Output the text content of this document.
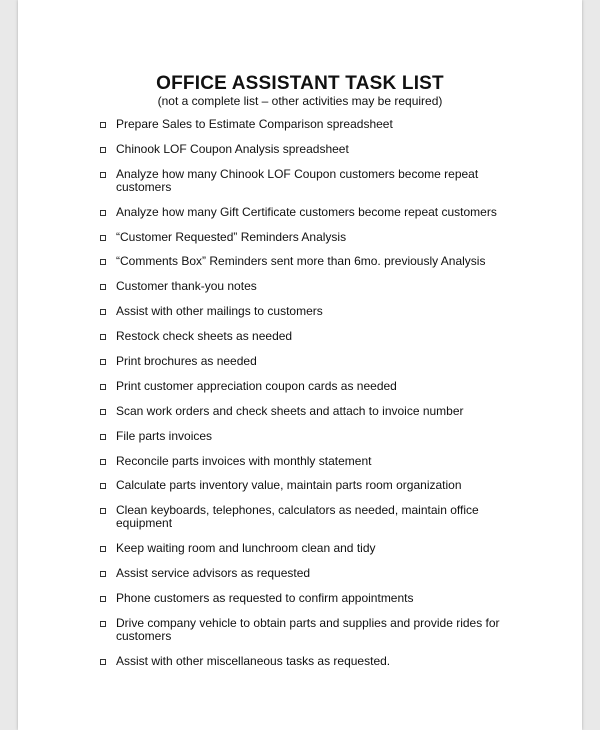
OFFICE ASSISTANT TASK LIST

(not a complete list – other activities may be required)

Prepare Sales to Estimate Comparison spreadsheet
Chinook LOF Coupon Analysis spreadsheet
Analyze how many Chinook LOF Coupon customers become repeat customers
Analyze how many Gift Certificate customers become repeat customers
“Customer Requested” Reminders Analysis
“Comments Box” Reminders sent more than 6mo. previously Analysis
Customer thank-you notes
Assist with other mailings to customers
Restock check sheets as needed
Print brochures as needed
Print customer appreciation coupon cards as needed
Scan work orders and check sheets and attach to invoice number
File parts invoices
Reconcile parts invoices with monthly statement
Calculate parts inventory value, maintain parts room organization
Clean keyboards, telephones, calculators as needed, maintain office equipment
Keep waiting room and lunchroom clean and tidy
Assist service advisors as requested
Phone customers as requested to confirm appointments
Drive company vehicle to obtain parts and supplies and provide rides for customers
Assist with other miscellaneous tasks as requested.
